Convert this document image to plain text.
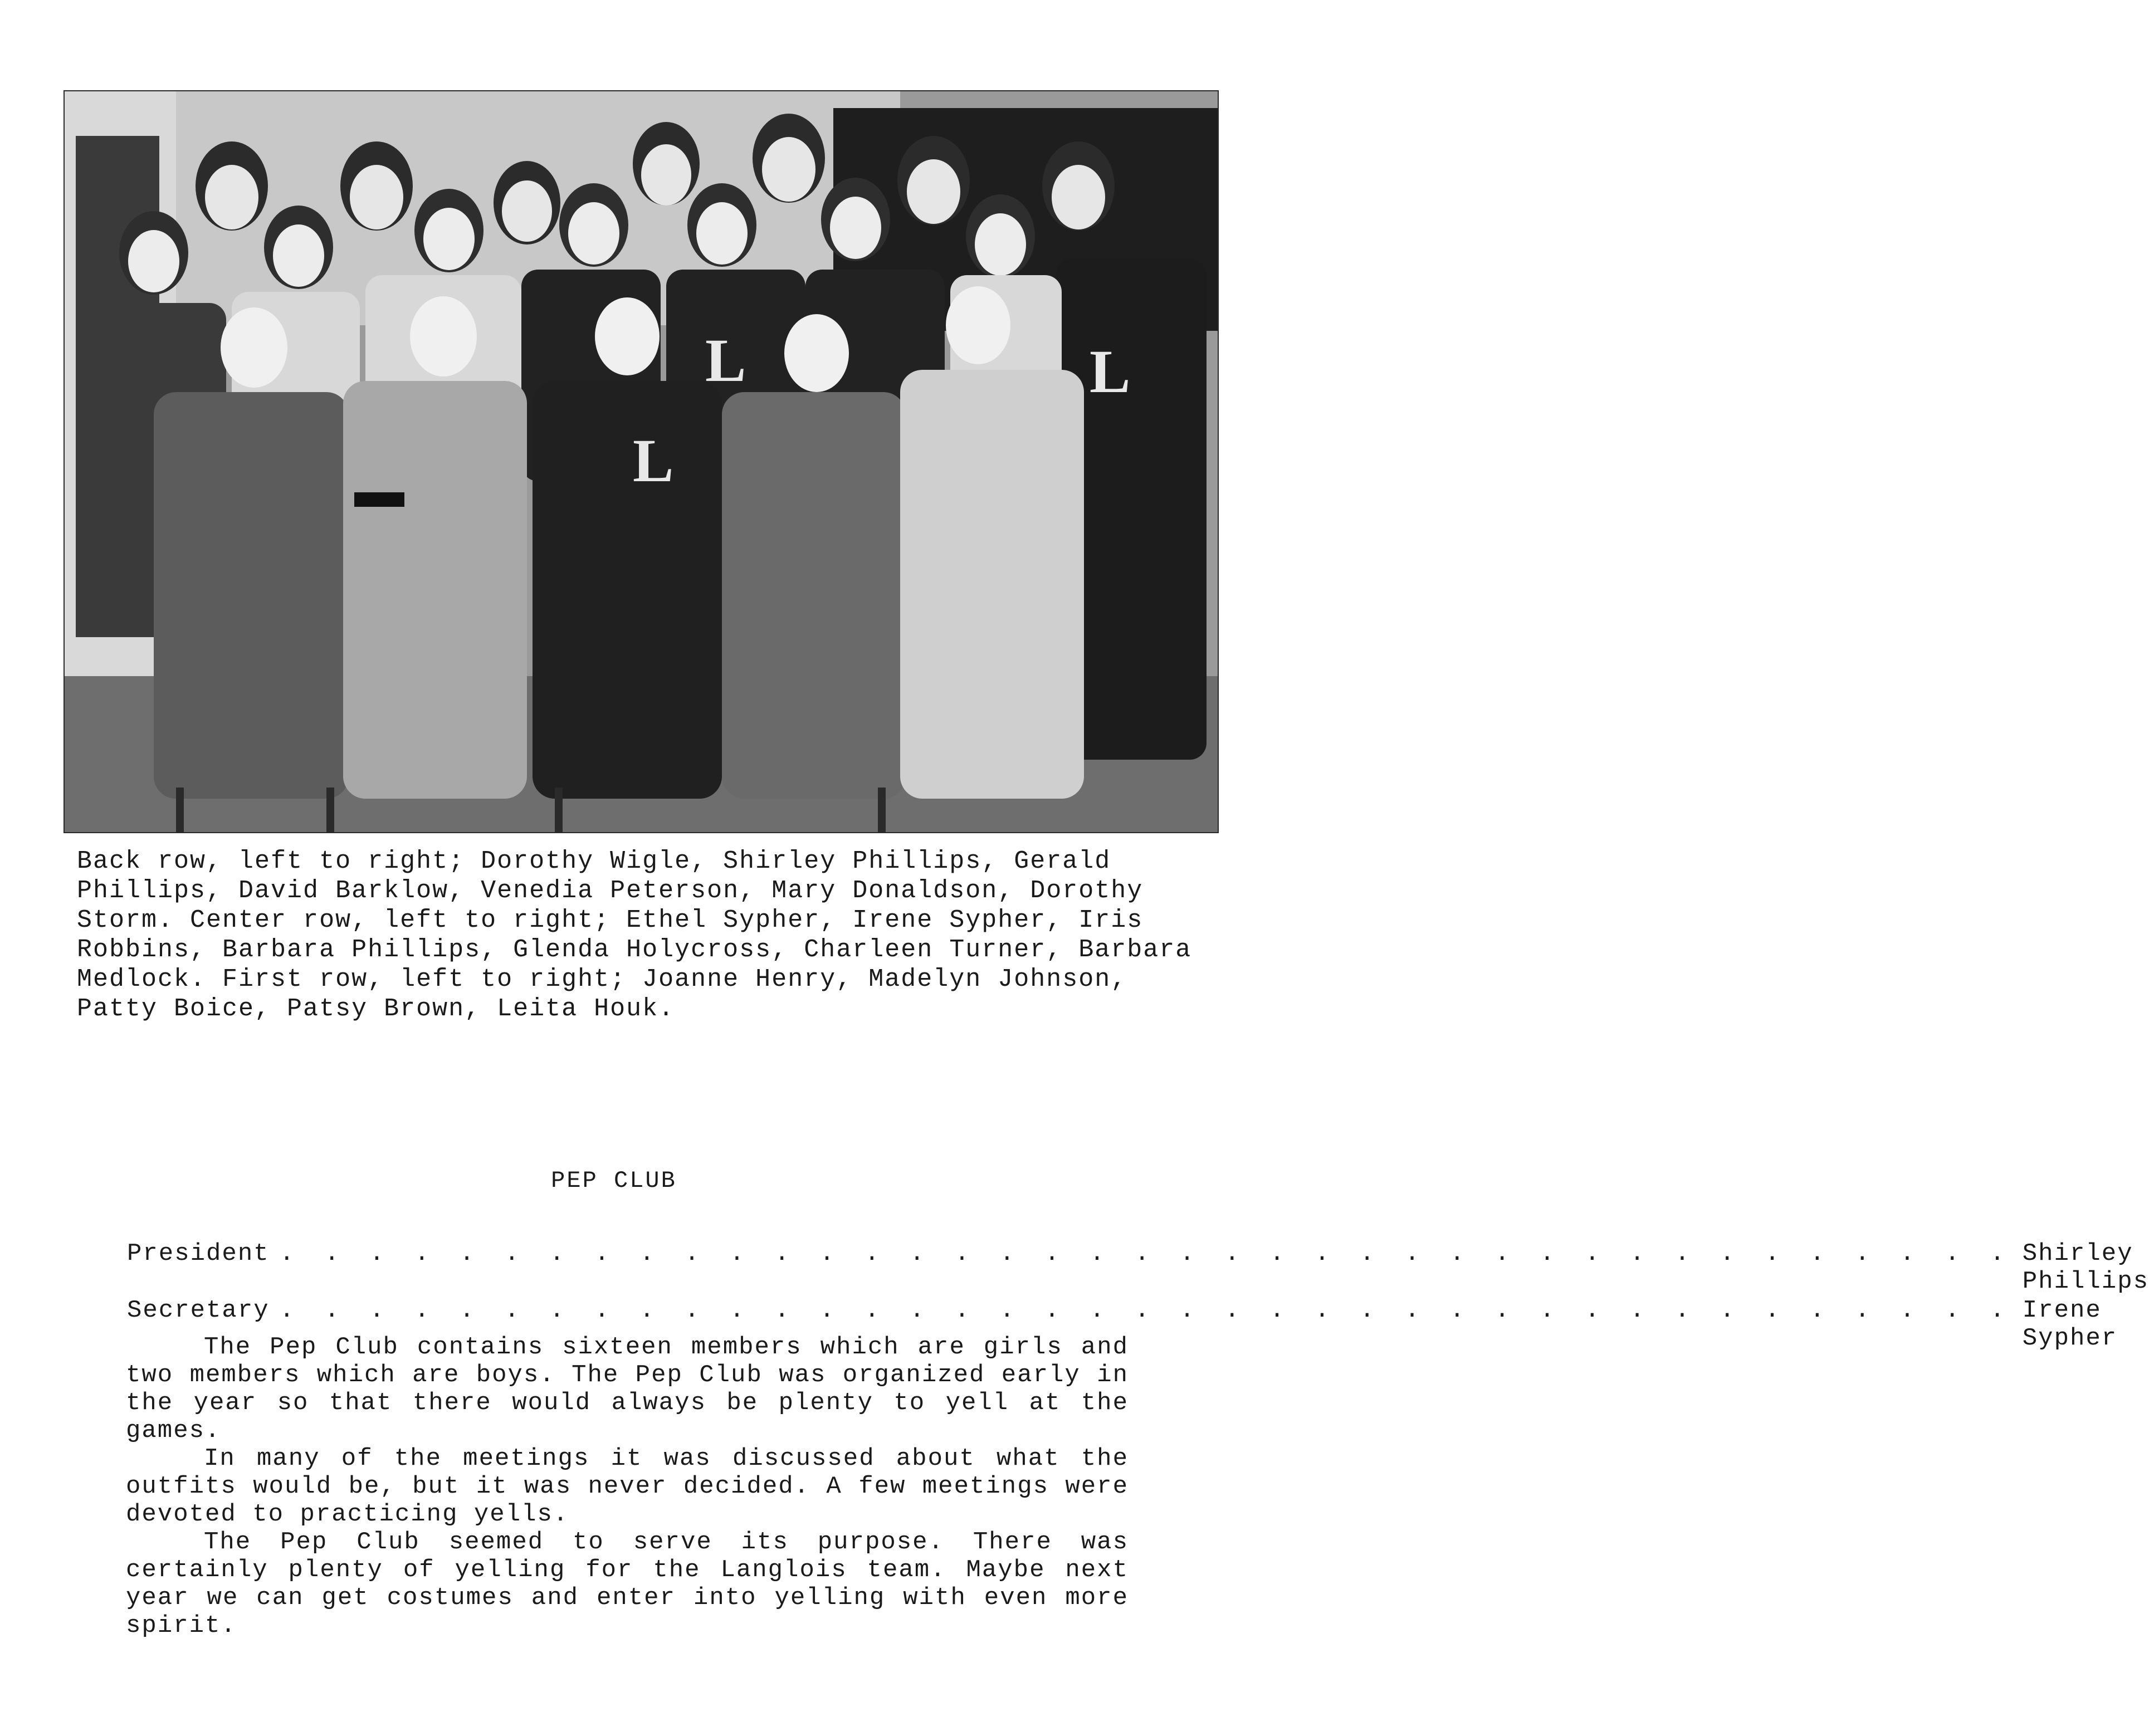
L
L	L

Back row, left to right; Dorothy Wigle, Shirley Phillips, Gerald Phillips, David Barklow, Venedia Peterson, Mary Donaldson, Dorothy Storm. Center row, left to right; Ethel Sypher, Irene Sypher, Iris Robbins, Barbara Phillips, Glenda Holycross, Charleen Turner, Barbara Medlock. First row, left to right; Joanne Henry, Madelyn Johnson, Patty Boice, Patsy Brown, Leita Houk.

PEP CLUB
President . . . . . . . . . . . . . . . . . . . . . . . . . . . . . . . . . . . . . . . Shirley Phillips
Secretary . . . . . . . . . . . . . . . . . . . . . . . . . . . . . . . . . . . . . . . Irene Sypher

The Pep Club contains sixteen members which are girls and two members which are boys. The Pep Club was organized early in the year so that there would always be plenty to yell at the games.

In many of the meetings it was discussed about what the outfits would be, but it was never decided. A few meetings were devoted to practicing yells.

The Pep Club seemed to serve its purpose. There was certainly plenty of yelling for the Langlois team. Maybe next year we can get costumes and enter into yelling with even more spirit.
